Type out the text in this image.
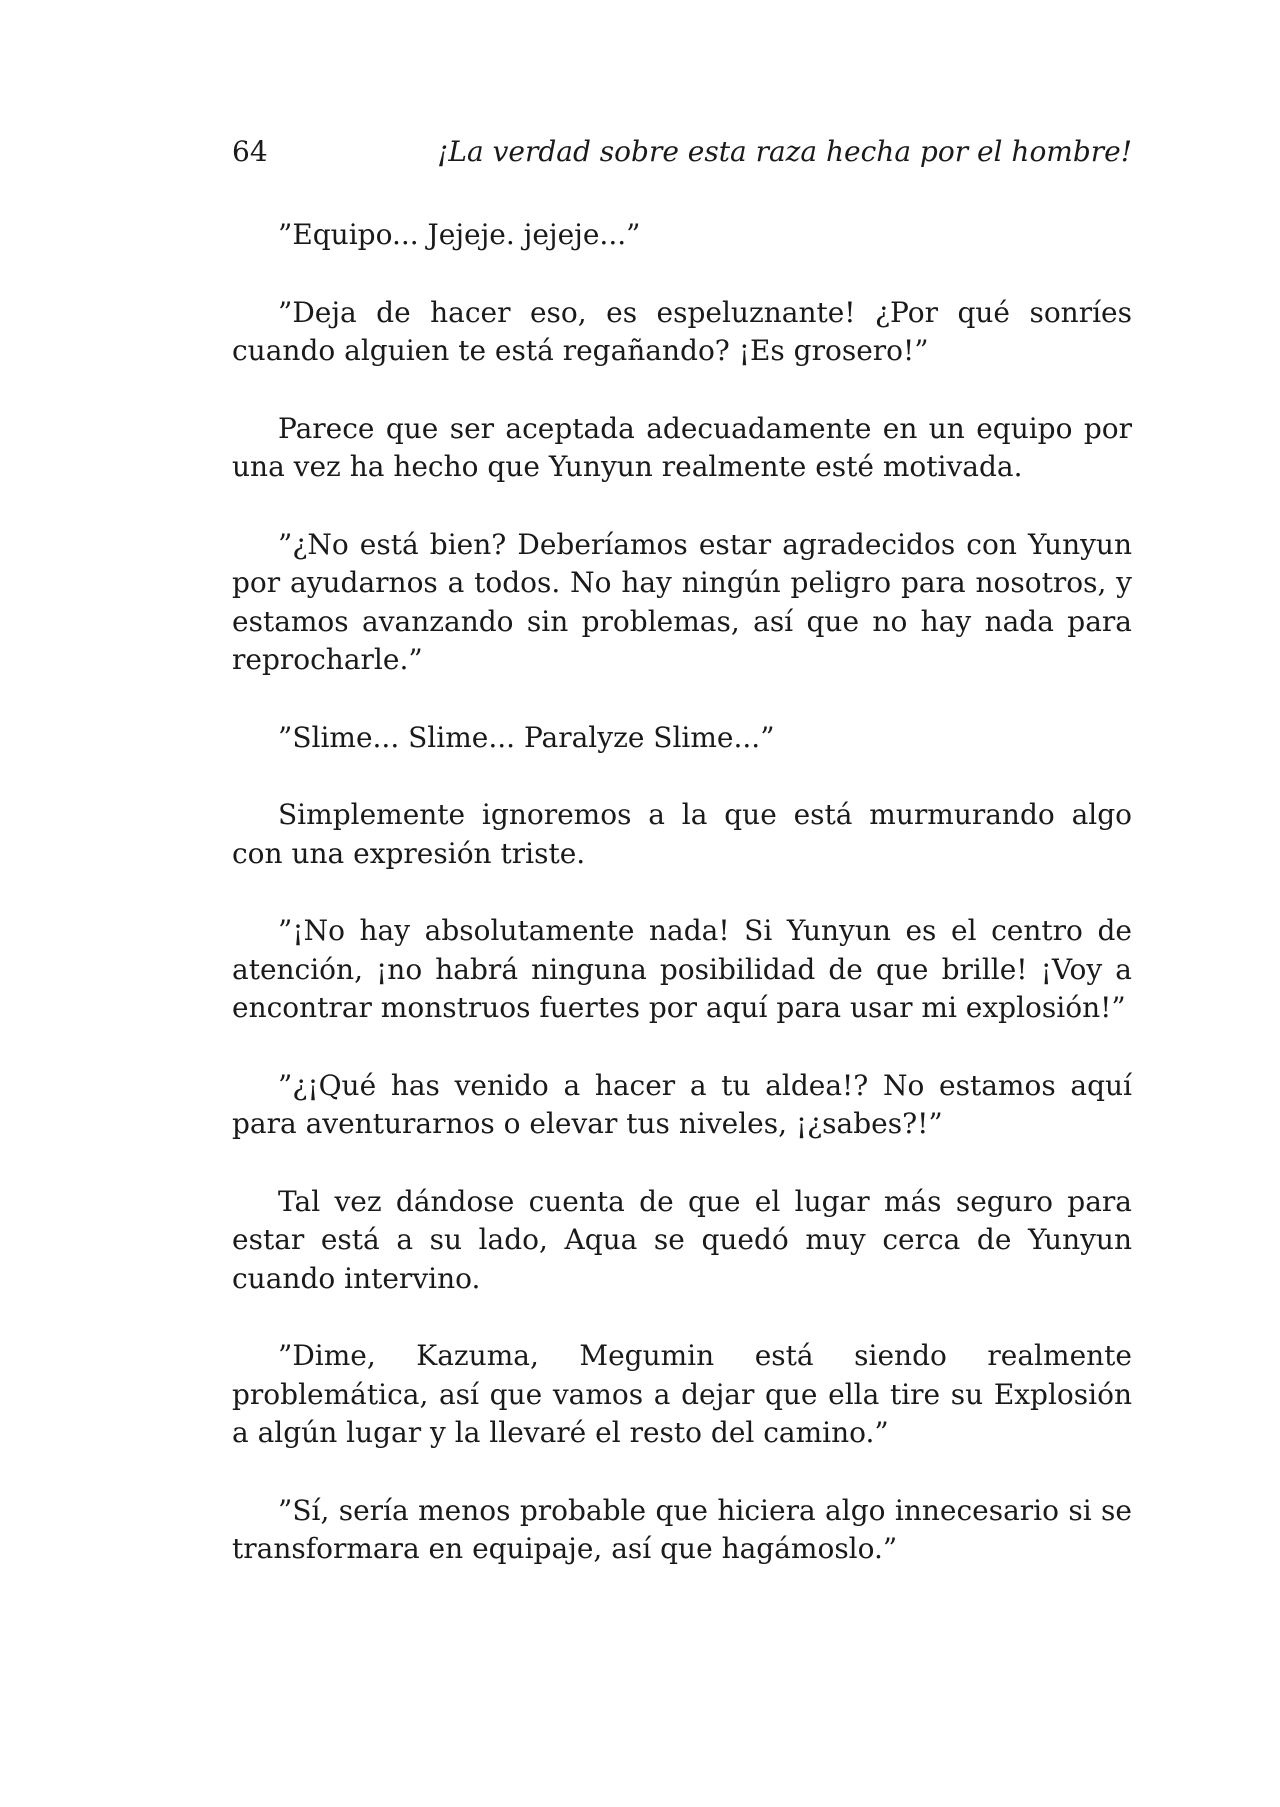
64	¡La verdad sobre esta raza hecha por el hombre!

”Equipo... Jejeje. jejeje...”

”Deja de hacer eso, es espeluznante! ¿Por qué sonríes cuando alguien te está regañando? ¡Es grosero!”

Parece que ser aceptada adecuadamente en un equipo por una vez ha hecho que Yunyun realmente esté motivada.

”¿No está bien? Deberíamos estar agradecidos con Yunyun por ayudarnos a todos. No hay ningún peligro para nosotros, y estamos avanzando sin problemas, así que no hay nada para reprocharle.”

”Slime... Slime... Paralyze Slime...”

Simplemente ignoremos a la que está murmurando algo con una expresión triste.

”¡No hay absolutamente nada! Si Yunyun es el centro de atención, ¡no habrá ninguna posibilidad de que brille! ¡Voy a encontrar monstruos fuertes por aquí para usar mi explosión!”

”¿¡Qué has venido a hacer a tu aldea!? No estamos aquí para aventurarnos o elevar tus niveles, ¡¿sabes?!”

Tal vez dándose cuenta de que el lugar más seguro para estar está a su lado, Aqua se quedó muy cerca de Yunyun cuando intervino.

”Dime, Kazuma, Megumin está siendo realmente problemática, así que vamos a dejar que ella tire su Explosión a algún lugar y la llevaré el resto del camino.”

”Sí, sería menos probable que hiciera algo innecesario si se transformara en equipaje, así que hagámoslo.”
